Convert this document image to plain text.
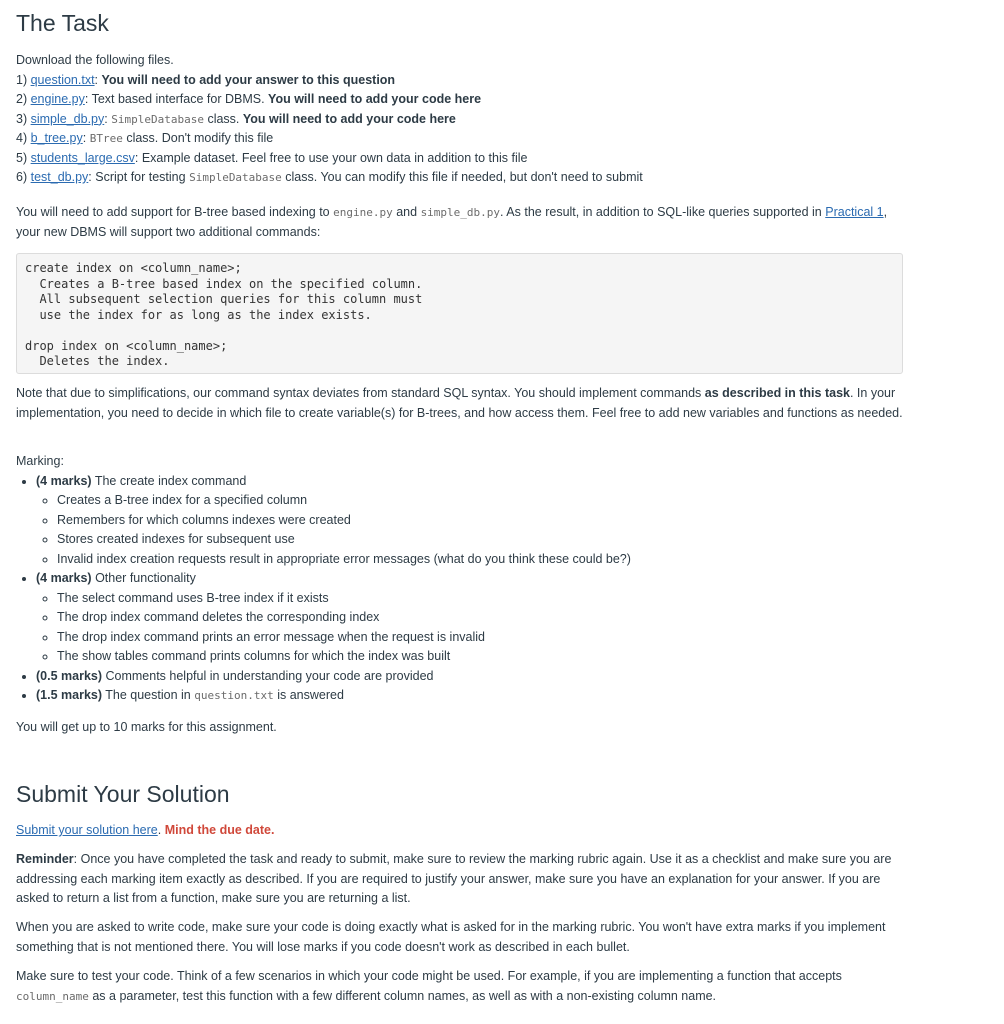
The Task

Download the following files.

1) question.txt: You will need to add your answer to this question
2) engine.py: Text based interface for DBMS. You will need to add your code here
3) simple_db.py: SimpleDatabase class. You will need to add your code here
4) b_tree.py: BTree class. Don't modify this file
5) students_large.csv: Example dataset. Feel free to use your own data in addition to this file
6) test_db.py: Script for testing SimpleDatabase class. You can modify this file if needed, but don't need to submit

You will need to add support for B-tree based indexing to engine.py and simple_db.py. As the result, in addition to SQL-like queries supported in Practical 1, your new DBMS will support two additional commands:

create index on <column_name>;
Creates a B-tree based index on the specified column.
All subsequent selection queries for this column must
use the index for as long as the index exists.

drop index on <column_name>;
Deletes the index.

Note that due to simplifications, our command syntax deviates from standard SQL syntax. You should implement commands as described in this task. In your implementation, you need to decide in which file to create variable(s) for B-trees, and how access them. Feel free to add new variables and functions as needed.

Marking:

• (4 marks) The create index command
◦ Creates a B-tree index for a specified column
◦ Remembers for which columns indexes were created
◦ Stores created indexes for subsequent use
◦ Invalid index creation requests result in appropriate error messages (what do you think these could be?)
• (4 marks) Other functionality
◦ The select command uses B-tree index if it exists
◦ The drop index command deletes the corresponding index
◦ The drop index command prints an error message when the request is invalid
◦ The show tables command prints columns for which the index was built
• (0.5 marks) Comments helpful in understanding your code are provided
• (1.5 marks) The question in question.txt is answered

You will get up to 10 marks for this assignment.

Submit Your Solution

Submit your solution here. Mind the due date.

Reminder: Once you have completed the task and ready to submit, make sure to review the marking rubric again. Use it as a checklist and make sure you are addressing each marking item exactly as described. If you are required to justify your answer, make sure you have an explanation for your answer. If you are asked to return a list from a function, make sure you are returning a list.

When you are asked to write code, make sure your code is doing exactly what is asked for in the marking rubric. You won't have extra marks if you implement something that is not mentioned there. You will lose marks if you code doesn't work as described in each bullet.

Make sure to test your code. Think of a few scenarios in which your code might be used. For example, if you are implementing a function that accepts column_name as a parameter, test this function with a few different column names, as well as with a non-existing column name.
